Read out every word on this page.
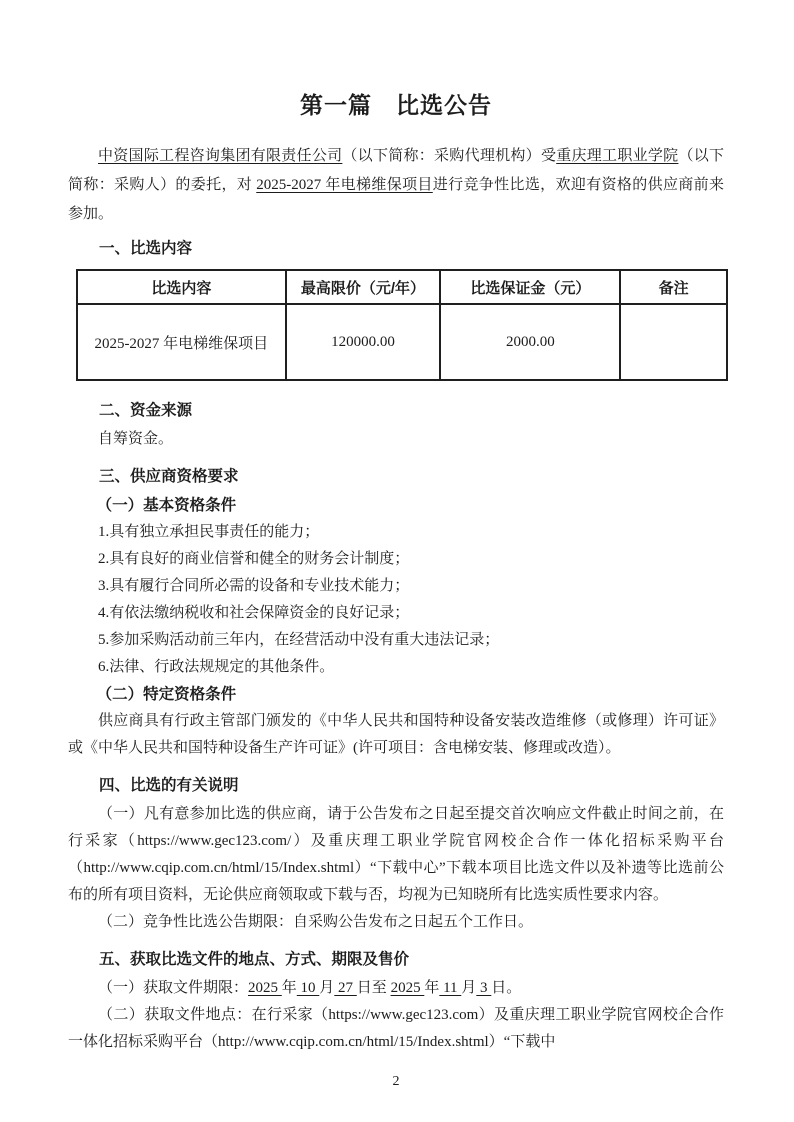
第一篇　比选公告

中资国际工程咨询集团有限责任公司（以下简称：采购代理机构）受重庆理工职业学院（以下简称：采购人）的委托，对 2025-2027 年电梯维保项目进行竞争性比选，欢迎有资格的供应商前来参加。

一、比选内容
比选内容	最高限价（元/年）	比选保证金（元）	备注
2025-2027 年电梯维保项目	120000.00	2000.00	
二、资金来源

自筹资金。

三、供应商资格要求
（一）基本资格条件
1.具有独立承担民事责任的能力；
2.具有良好的商业信誉和健全的财务会计制度；
3.具有履行合同所必需的设备和专业技术能力；
4.有依法缴纳税收和社会保障资金的良好记录；
5.参加采购活动前三年内，在经营活动中没有重大违法记录；
6.法律、行政法规规定的其他条件。
（二）特定资格条件

供应商具有行政主管部门颁发的《中华人民共和国特种设备安装改造维修（或修理）许可证》或《中华人民共和国特种设备生产许可证》(许可项目：含电梯安装、修理或改造）。

四、比选的有关说明

（一）凡有意参加比选的供应商，请于公告发布之日起至提交首次响应文件截止时间之前，在行采家（https://www.gec123.com/）及重庆理工职业学院官网校企合作一体化招标采购平台（http://www.cqip.com.cn/html/15/Index.shtml）“下载中心”下载本项目比选文件以及补遗等比选前公布的所有项目资料，无论供应商领取或下载与否，均视为已知晓所有比选实质性要求内容。

（二）竞争性比选公告期限：自采购公告发布之日起五个工作日。

五、获取比选文件的地点、方式、期限及售价

（一）获取文件期限：2025 年 10 月 27 日至 2025 年 11 月 3 日。

（二）获取文件地点：在行采家（https://www.gec123.com）及重庆理工职业学院官网校企合作一体化招标采购平台（http://www.cqip.com.cn/html/15/Index.shtml）“下载中

2
